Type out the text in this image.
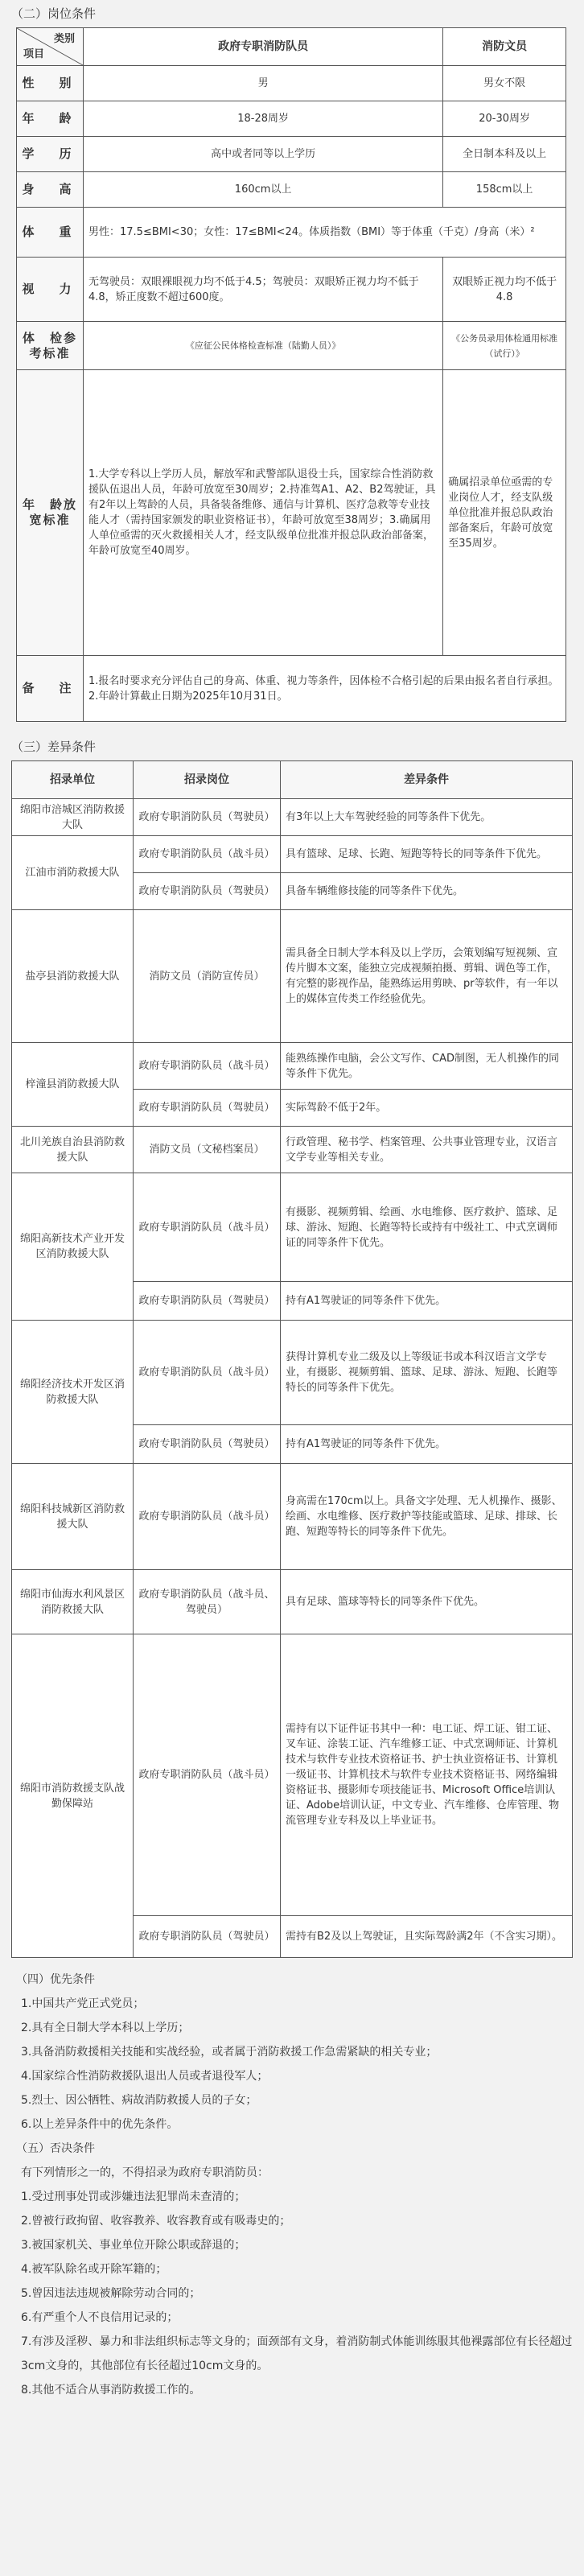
（二）岗位条件
类别
项目	政府专职消防队员	消防文员
性　别	男	男女不限
年　龄	18-28周岁	20-30周岁
学　历	高中或者同等以上学历	全日制本科及以上
身　高	160cm以上	158cm以上
体　重	男性：17.5≤BMI<30；女性：17≤BMI<24。体质指数（BMI）等于体重（千克）/身高（米）²	
视　力	无驾驶员：双眼裸眼视力均不低于4.5；驾驶员：双眼矫正视力均不低于4.8，矫正度数不超过600度。	双眼矫正视力均不低于4.8
体　检参考标准	《应征公民体格检查标准（陆勤人员）》	《公务员录用体检通用标准（试行）》
年　龄放宽标准	1.大学专科以上学历人员，解放军和武警部队退役士兵，国家综合性消防救援队伍退出人员，年龄可放宽至30周岁；2.持准驾A1、A2、B2驾驶证，具有2年以上驾龄的人员，具备装备维修、通信与计算机、医疗急救等专业技能人才（需持国家颁发的职业资格证书），年龄可放宽至38周岁；3.确属用人单位亟需的灭火救援相关人才，经支队级单位批准并报总队政治部备案，年龄可放宽至40周岁。	确属招录单位亟需的专业岗位人才，经支队级单位批准并报总队政治部备案后，年龄可放宽至35周岁。
备　注	1.报名时要求充分评估自己的身高、体重、视力等条件，因体检不合格引起的后果由报名者自行承担。
2.年龄计算截止日期为2025年10月31日。	
（三）差异条件
招录单位	招录岗位	差异条件
绵阳市涪城区消防救援大队	政府专职消防队员（驾驶员）	有3年以上大车驾驶经验的同等条件下优先。
江油市消防救援大队	政府专职消防队员（战斗员）	具有篮球、足球、长跑、短跑等特长的同等条件下优先。
	政府专职消防队员（驾驶员）	具备车辆维修技能的同等条件下优先。
盐亭县消防救援大队	消防文员（消防宣传员）	需具备全日制大学本科及以上学历，会策划编写短视频、宣传片脚本文案，能独立完成视频拍摄、剪辑、调色等工作，有完整的影视作品，能熟练运用剪映、pr等软件，有一年以上的媒体宣传类工作经验优先。
梓潼县消防救援大队	政府专职消防队员（战斗员）	能熟练操作电脑，会公文写作、CAD制图，无人机操作的同等条件下优先。
	政府专职消防队员（驾驶员）	实际驾龄不低于2年。
北川羌族自治县消防救援大队	消防文员（文秘档案员）	行政管理、秘书学、档案管理、公共事业管理专业，汉语言文学专业等相关专业。
绵阳高新技术产业开发区消防救援大队	政府专职消防队员（战斗员）	有摄影、视频剪辑、绘画、水电维修、医疗救护、篮球、足球、游泳、短跑、长跑等特长或持有中级社工、中式烹调师证的同等条件下优先。
	政府专职消防队员（驾驶员）	持有A1驾驶证的同等条件下优先。
绵阳经济技术开发区消防救援大队	政府专职消防队员（战斗员）	获得计算机专业二级及以上等级证书或本科汉语言文学专业，有摄影、视频剪辑、篮球、足球、游泳、短跑、长跑等特长的同等条件下优先。
	政府专职消防队员（驾驶员）	持有A1驾驶证的同等条件下优先。
绵阳科技城新区消防救援大队	政府专职消防队员（战斗员）	身高需在170cm以上。具备文字处理、无人机操作、摄影、绘画、水电维修、医疗救护等技能或篮球、足球、排球、长跑、短跑等特长的同等条件下优先。
绵阳市仙海水利风景区消防救援大队	政府专职消防队员（战斗员、驾驶员）	具有足球、篮球等特长的同等条件下优先。
绵阳市消防救援支队战勤保障站	政府专职消防队员（战斗员）	需持有以下证件证书其中一种：电工证、焊工证、钳工证、叉车证、涂装工证、汽车维修工证、中式烹调师证、计算机技术与软件专业技术资格证书、护士执业资格证书、计算机一级证书、计算机技术与软件专业技术资格证书、网络编辑资格证书、摄影师专项技能证书、Microsoft Office培训认证、Adobe培训认证，中文专业、汽车维修、仓库管理、物流管理专业专科及以上毕业证书。
	政府专职消防队员（驾驶员）	需持有B2及以上驾驶证，且实际驾龄满2年（不含实习期）。
（四）优先条件

1.中国共产党正式党员；

2.具有全日制大学本科以上学历；

3.具备消防救援相关技能和实战经验，或者属于消防救援工作急需紧缺的相关专业；

4.国家综合性消防救援队退出人员或者退役军人；

5.烈士、因公牺牲、病故消防救援人员的子女；

6.以上差异条件中的优先条件。

（五）否决条件

有下列情形之一的，不得招录为政府专职消防员：

1.受过刑事处罚或涉嫌违法犯罪尚未查清的；

2.曾被行政拘留、收容教养、收容教育或有吸毒史的；

3.被国家机关、事业单位开除公职或辞退的；

4.被军队除名或开除军籍的；

5.曾因违法违规被解除劳动合同的；

6.有严重个人不良信用记录的；

7.有涉及淫秽、暴力和非法组织标志等文身的；面颈部有文身，着消防制式体能训练服其他裸露部位有长径超过3cm文身的，其他部位有长径超过10cm文身的。

8.其他不适合从事消防救援工作的。
